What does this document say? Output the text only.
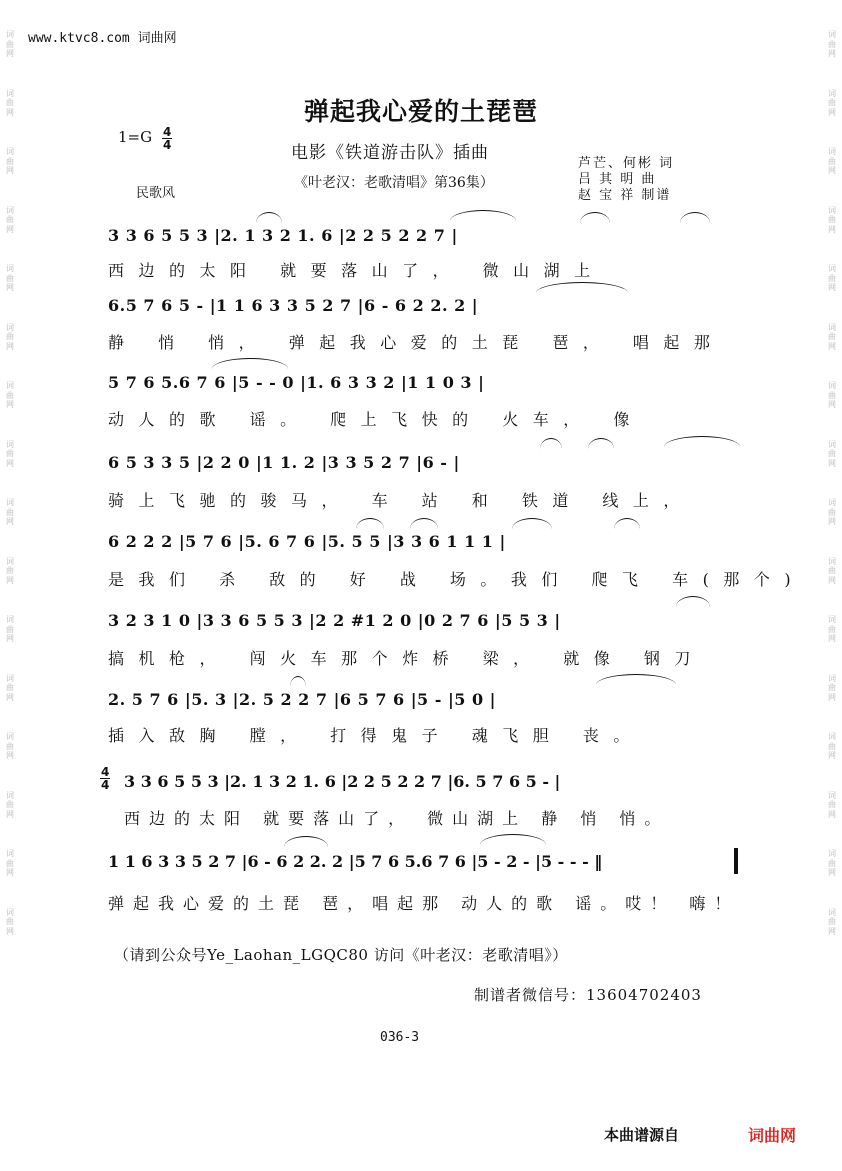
词
曲
网
词
曲
网
词
曲
网
词
曲
网
词
曲
网
词
曲
网
词
曲
网
词
曲
网
词
曲
网
词
曲
网
词
曲
网
词
曲
网
词
曲
网
词
曲
网
词
曲
网
词
曲
网
词
曲
网
词
曲
网
词
曲
网
词
曲
网
词
曲
网
词
曲
网
词
曲
网
词
曲
网
词
曲
网
词
曲
网
词
曲
网
词
曲
网
词
曲
网
词
曲
网
词
曲
网
词
曲
网
www.ktvc8.com 词曲网
弹起我心爱的土琵琶
电影《铁道游击队》插曲
《叶老汉：老歌清唱》第36集）
芦芒、何彬 词
吕 其 明 曲
赵 宝 祥 制谱
$1=G \frac{4}{4}$
民歌风
3 3 6 5 5 3 |2. 1 3 2 1. 6 |2 2 5 2 2 7 |
西边的太阳 就要落山了， 微山湖上
6.5 7 6 5 - |1 1 6 3 3 5 2 7 |6 - 6 2 2. 2 |
静 悄 悄， 弹起我心爱的土琵 琶， 唱起那
5 7 6 5.6 7 6 |5 - - 0 |1. 6 3 3 2 |1 1 0 3 |
动人的歌 谣。 爬上飞快的 火车， 像
6 5 3 3 5 |2 2 0 |1 1. 2 |3 3 5 2 7 |6 - |
骑上飞驰的骏马， 车 站 和 铁道 线上，
6 2 2 2 |5 7 6 |5. 6 7 6 |5. 5 5 |3 3 6 1 1 1 |
是我们 杀 敌的 好 战 场。我们 爬飞 车(那个)
3 2 3 1 0 |3 3 6 5 5 3 |2 2 #1 2 0 |0 2 7 6 |5 5 3 |
搞机枪， 闯火车那个炸桥 梁， 就像 钢刀
2. 5 7 6 |5. 3 |2. 5 2 2 7 |6 5 7 6 |5 - |5 0 |
插入敌胸 膛， 打得鬼子 魂飞胆 丧。
$\frac{4}{4} 3$ 3 6 5 5 3 |2. 1 3 2 1. 6 |2 2 5 2 2 7 |6. 5 7 6 5 - |
西边的太阳 就要落山了， 微山湖上 静 悄 悄。
1 1 6 3 3 5 2 7 |6 - 6 2 2. 2 |5 7 6 5.6 7 6 |5 - 2 - |5 - - - ‖
弹起我心爱的土琵 琶，唱起那 动人的歌 谣。哎！ 嗨！
（请到公众号Ye_Laohan_LGQC80 访问《叶老汉：老歌清唱》）
制谱者微信号：13604702403
036-3
本曲谱源自	词曲网
